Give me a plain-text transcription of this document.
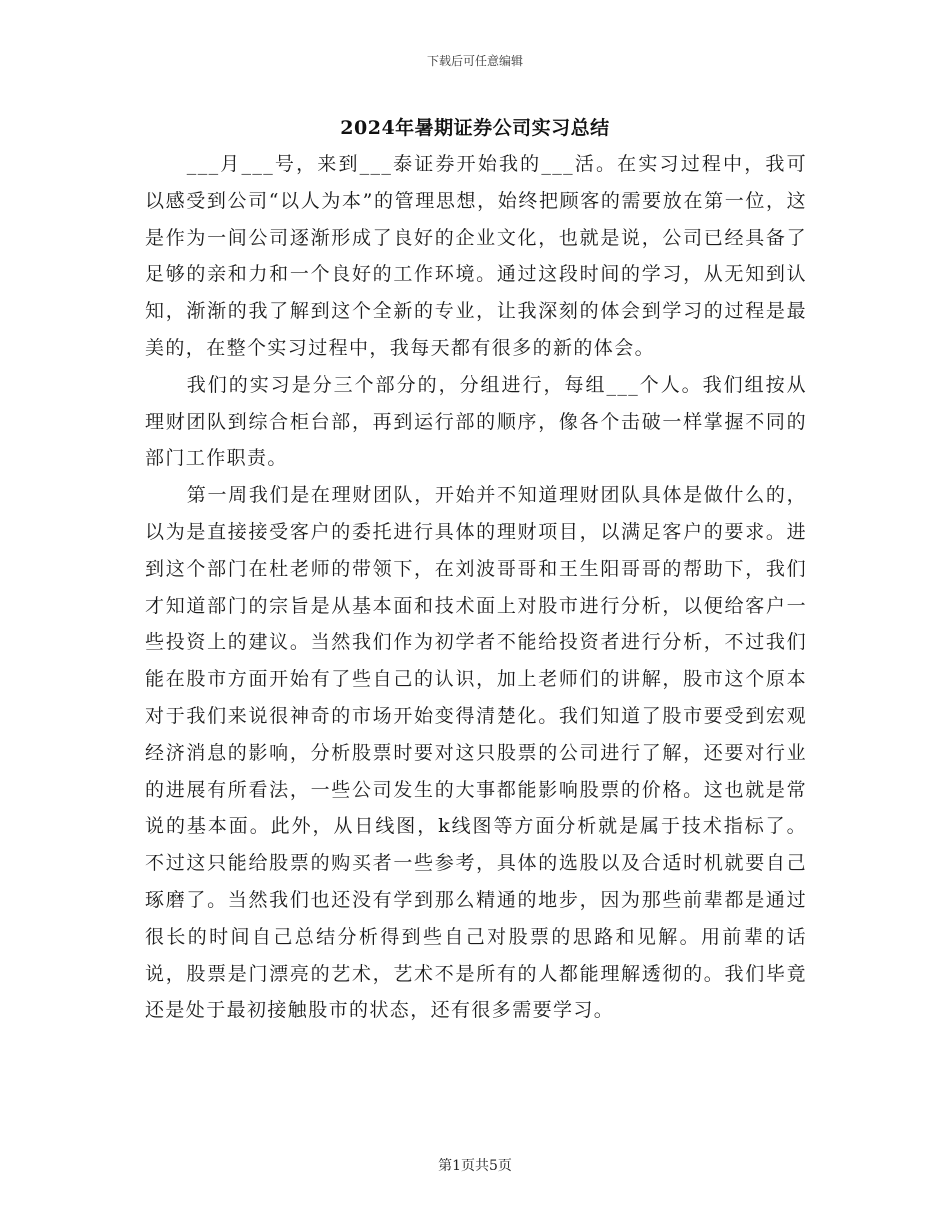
下载后可任意编辑
2024年暑期证券公司实习总结

___月___号，来到___泰证券开始我的___活。在实习过程中，我可以感受到公司“以人为本”的管理思想，始终把顾客的需要放在第一位，这是作为一间公司逐渐形成了良好的企业文化，也就是说，公司已经具备了足够的亲和力和一个良好的工作环境。通过这段时间的学习，从无知到认知，渐渐的我了解到这个全新的专业，让我深刻的体会到学习的过程是最美的，在整个实习过程中，我每天都有很多的新的体会。

我们的实习是分三个部分的，分组进行，每组___个人。我们组按从理财团队到综合柜台部，再到运行部的顺序，像各个击破一样掌握不同的部门工作职责。

第一周我们是在理财团队，开始并不知道理财团队具体是做什么的，以为是直接接受客户的委托进行具体的理财项目，以满足客户的要求。进到这个部门在杜老师的带领下，在刘波哥哥和王生阳哥哥的帮助下，我们才知道部门的宗旨是从基本面和技术面上对股市进行分析，以便给客户一些投资上的建议。当然我们作为初学者不能给投资者进行分析，不过我们能在股市方面开始有了些自己的认识，加上老师们的讲解，股市这个原本对于我们来说很神奇的市场开始变得清楚化。我们知道了股市要受到宏观经济消息的影响，分析股票时要对这只股票的公司进行了解，还要对行业的进展有所看法，一些公司发生的大事都能影响股票的价格。这也就是常说的基本面。此外，从日线图，k线图等方面分析就是属于技术指标了。不过这只能给股票的购买者一些参考，具体的选股以及合适时机就要自己琢磨了。当然我们也还没有学到那么精通的地步，因为那些前辈都是通过很长的时间自己总结分析得到些自己对股票的思路和见解。用前辈的话说，股票是门漂亮的艺术，艺术不是所有的人都能理解透彻的。我们毕竟还是处于最初接触股市的状态，还有很多需要学习。

第1页共5页
